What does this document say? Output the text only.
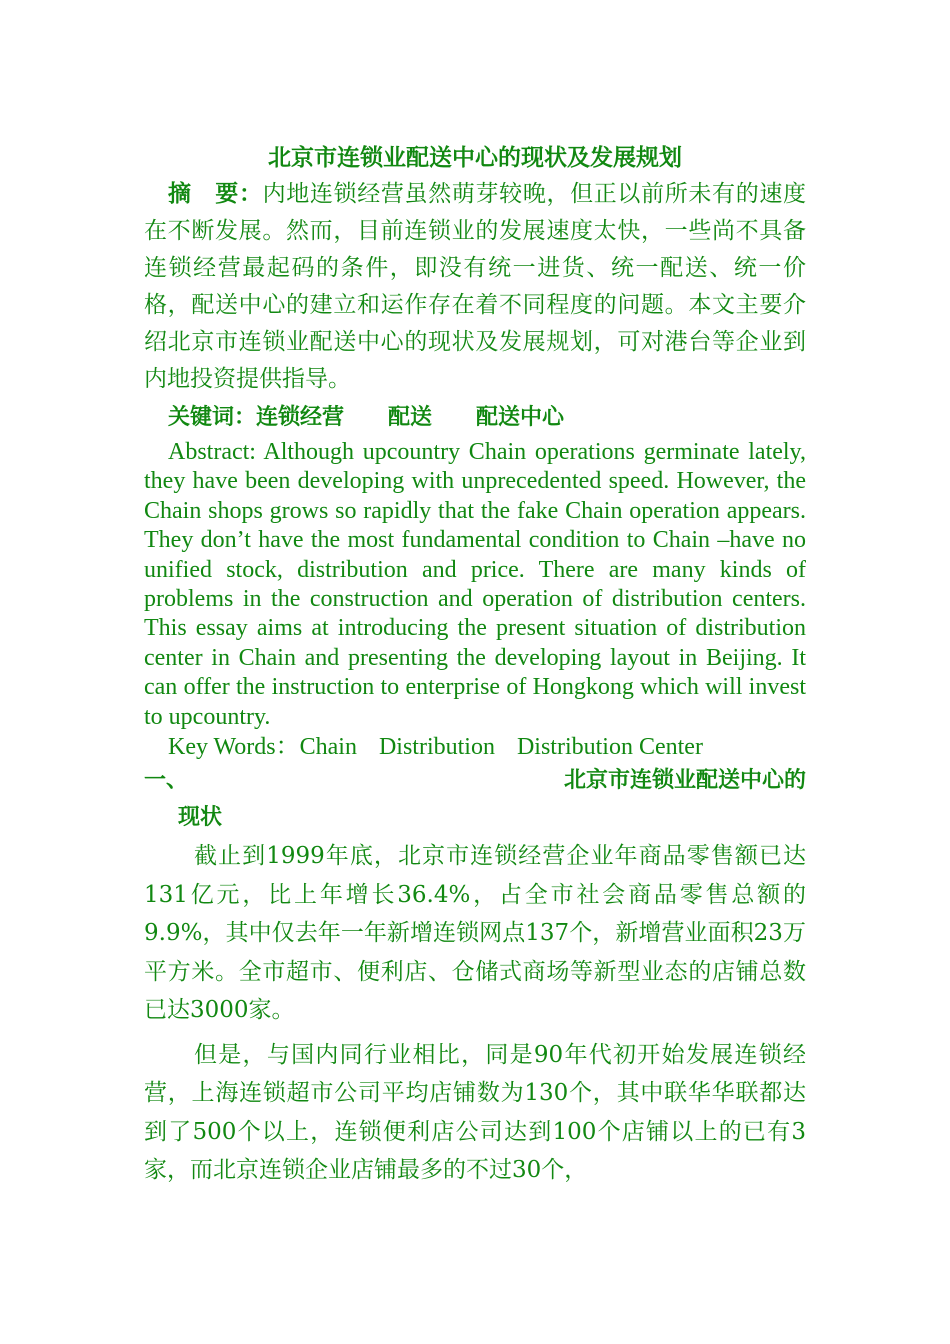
北京市连锁业配送中心的现状及发展规划

摘　要：内地连锁经营虽然萌芽较晚，但正以前所未有的速度在不断发展。然而，目前连锁业的发展速度太快，一些尚不具备连锁经营最起码的条件，即没有统一进货、统一配送、统一价格，配送中心的建立和运作存在着不同程度的问题。本文主要介绍北京市连锁业配送中心的现状及发展规划，可对港台等企业到内地投资提供指导。

关键词：连锁经营 配送 配送中心

Abstract: Although upcountry Chain operations germinate lately, they have been developing with unprecedented speed. However, the Chain shops grows so rapidly that the fake Chain operation appears. They don’t have the most fundamental condition to Chain –have no unified stock, distribution and price. There are many kinds of problems in the construction and operation of distribution centers. This essay aims at introducing the present situation of distribution center in Chain and presenting the developing layout in Beijing. It can offer the instruction to enterprise of Hongkong which will invest to upcountry.

Key Words：Chain Distribution Distribution Center

一、	北京市连锁业配送中心的
现状

截止到1999年底，北京市连锁经营企业年商品零售额已达131亿元，比上年增长36.4%，占全市社会商品零售总额的9.9%，其中仅去年一年新增连锁网点137个，新增营业面积23万平方米。全市超市、便利店、仓储式商场等新型业态的店铺总数已达3000家。

但是，与国内同行业相比，同是90年代初开始发展连锁经营，上海连锁超市公司平均店铺数为130个，其中联华华联都达到了500个以上，连锁便利店公司达到100个店铺以上的已有3家，而北京连锁企业店铺最多的不过30个，
